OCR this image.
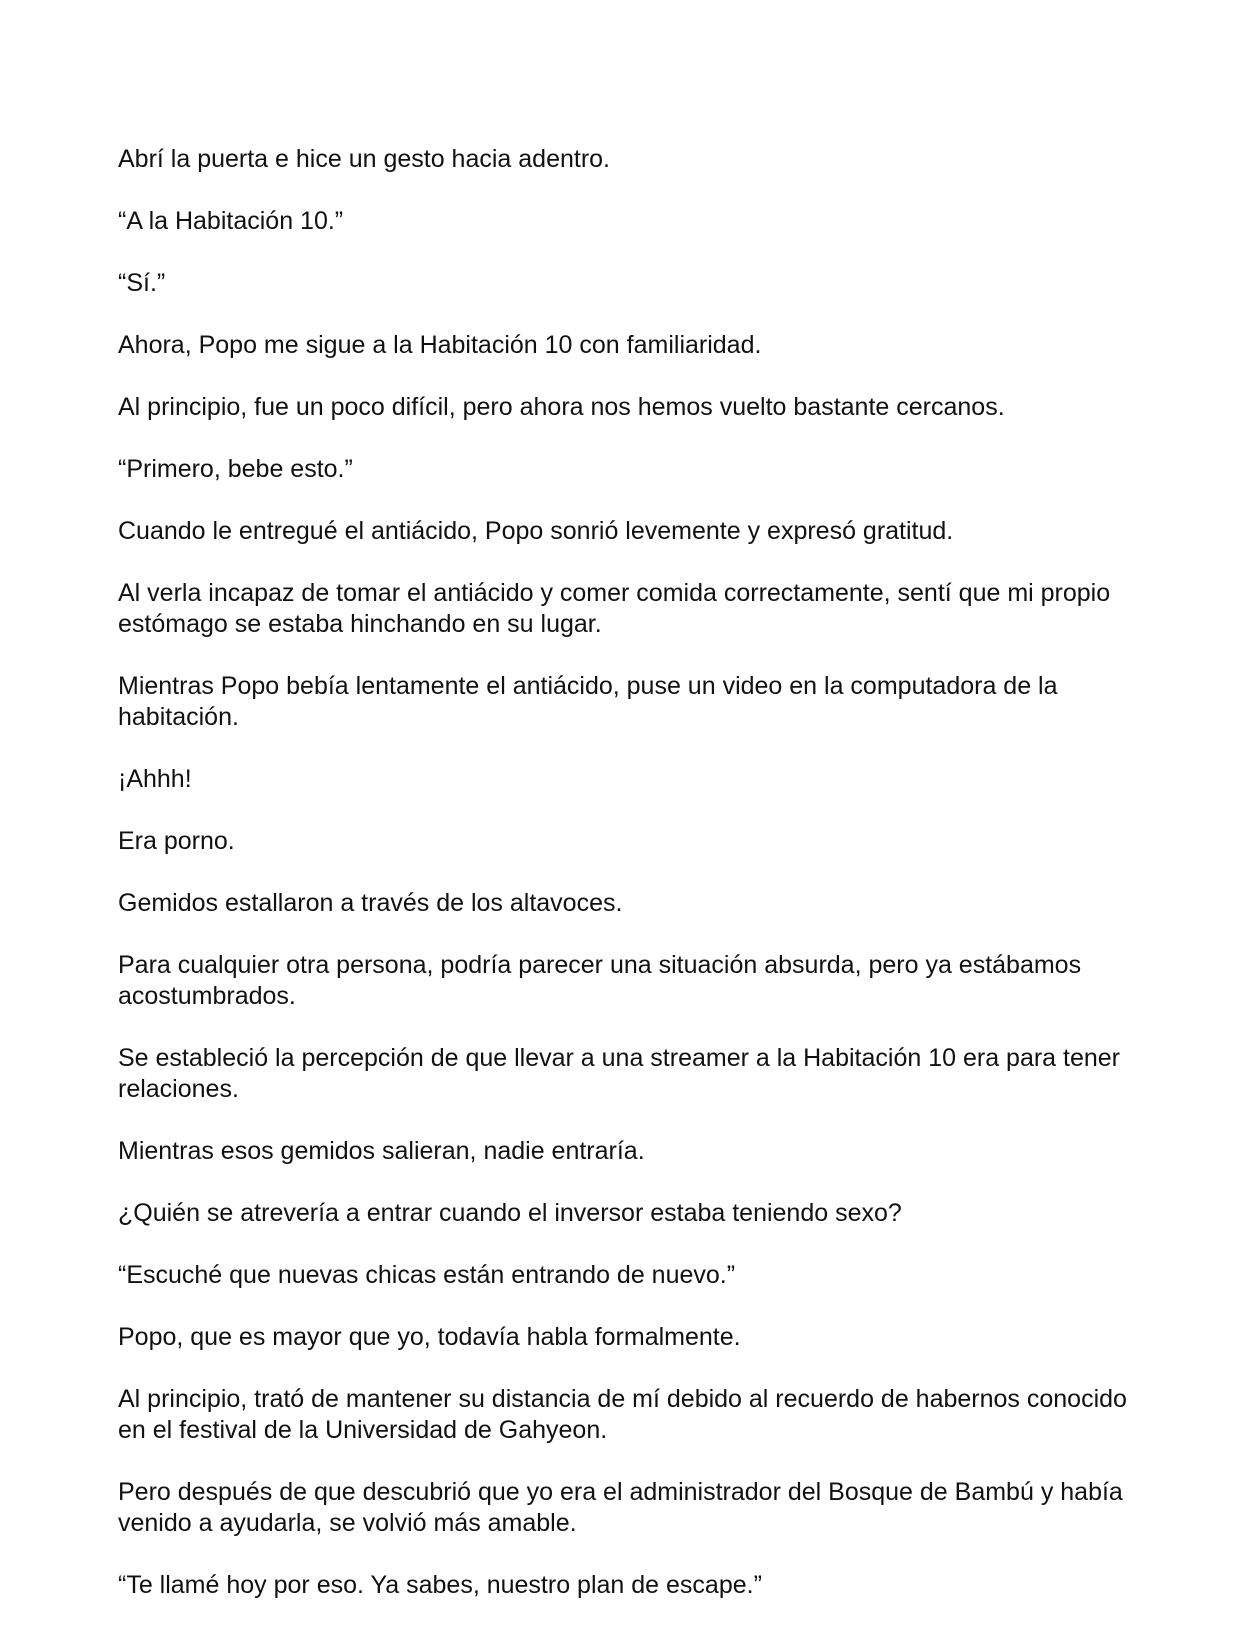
Abrí la puerta e hice un gesto hacia adentro.

“A la Habitación 10.”

“Sí.”

Ahora, Popo me sigue a la Habitación 10 con familiaridad.

Al principio, fue un poco difícil, pero ahora nos hemos vuelto bastante cercanos.

“Primero, bebe esto.”

Cuando le entregué el antiácido, Popo sonrió levemente y expresó gratitud.

Al verla incapaz de tomar el antiácido y comer comida correctamente, sentí que mi propio estómago se estaba hinchando en su lugar.

Mientras Popo bebía lentamente el antiácido, puse un video en la computadora de la habitación.

¡Ahhh!

Era porno.

Gemidos estallaron a través de los altavoces.

Para cualquier otra persona, podría parecer una situación absurda, pero ya estábamos acostumbrados.

Se estableció la percepción de que llevar a una streamer a la Habitación 10 era para tener relaciones.

Mientras esos gemidos salieran, nadie entraría.

¿Quién se atrevería a entrar cuando el inversor estaba teniendo sexo?

“Escuché que nuevas chicas están entrando de nuevo.”

Popo, que es mayor que yo, todavía habla formalmente.

Al principio, trató de mantener su distancia de mí debido al recuerdo de habernos conocido en el festival de la Universidad de Gahyeon.

Pero después de que descubrió que yo era el administrador del Bosque de Bambú y había venido a ayudarla, se volvió más amable.

“Te llamé hoy por eso. Ya sabes, nuestro plan de escape.”
